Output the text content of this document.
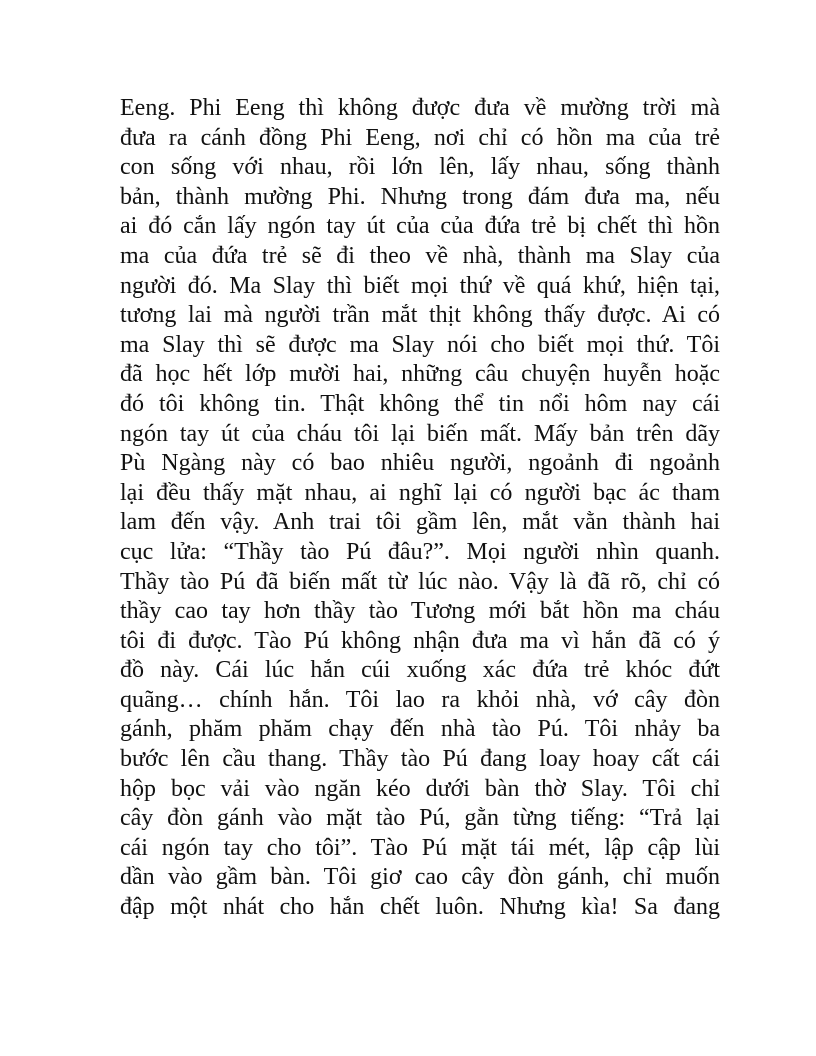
Eeng. Phi Eeng thì không được đưa về mường trời mà
đưa ra cánh đồng Phi Eeng, nơi chỉ có hồn ma của trẻ
con sống với nhau, rồi lớn lên, lấy nhau, sống thành
bản, thành mường Phi. Nhưng trong đám đưa ma, nếu
ai đó cắn lấy ngón tay út của của đứa trẻ bị chết thì hồn
ma của đứa trẻ sẽ đi theo về nhà, thành ma Slay của
người đó. Ma Slay thì biết mọi thứ về quá khứ, hiện tại,
tương lai mà người trần mắt thịt không thấy được. Ai có
ma Slay thì sẽ được ma Slay nói cho biết mọi thứ. Tôi
đã học hết lớp mười hai, những câu chuyện huyễn hoặc
đó tôi không tin. Thật không thể tin nổi hôm nay cái
ngón tay út của cháu tôi lại biến mất. Mấy bản trên dãy
Pù Ngàng này có bao nhiêu người, ngoảnh đi ngoảnh
lại đều thấy mặt nhau, ai nghĩ lại có người bạc ác tham
lam đến vậy. Anh trai tôi gầm lên, mắt vằn thành hai
cục lửa: “Thầy tào Pú đâu?”. Mọi người nhìn quanh.
Thầy tào Pú đã biến mất từ lúc nào. Vậy là đã rõ, chỉ có
thầy cao tay hơn thầy tào Tương mới bắt hồn ma cháu
tôi đi được. Tào Pú không nhận đưa ma vì hắn đã có ý
đồ này. Cái lúc hắn cúi xuống xác đứa trẻ khóc đứt
quãng… chính hắn. Tôi lao ra khỏi nhà, vớ cây đòn
gánh, phăm phăm chạy đến nhà tào Pú. Tôi nhảy ba
bước lên cầu thang. Thầy tào Pú đang loay hoay cất cái
hộp bọc vải vào ngăn kéo dưới bàn thờ Slay. Tôi chỉ
cây đòn gánh vào mặt tào Pú, gằn từng tiếng: “Trả lại
cái ngón tay cho tôi”. Tào Pú mặt tái mét, lập cập lùi
dần vào gầm bàn. Tôi giơ cao cây đòn gánh, chỉ muốn
đập một nhát cho hắn chết luôn. Nhưng kìa! Sa đang
